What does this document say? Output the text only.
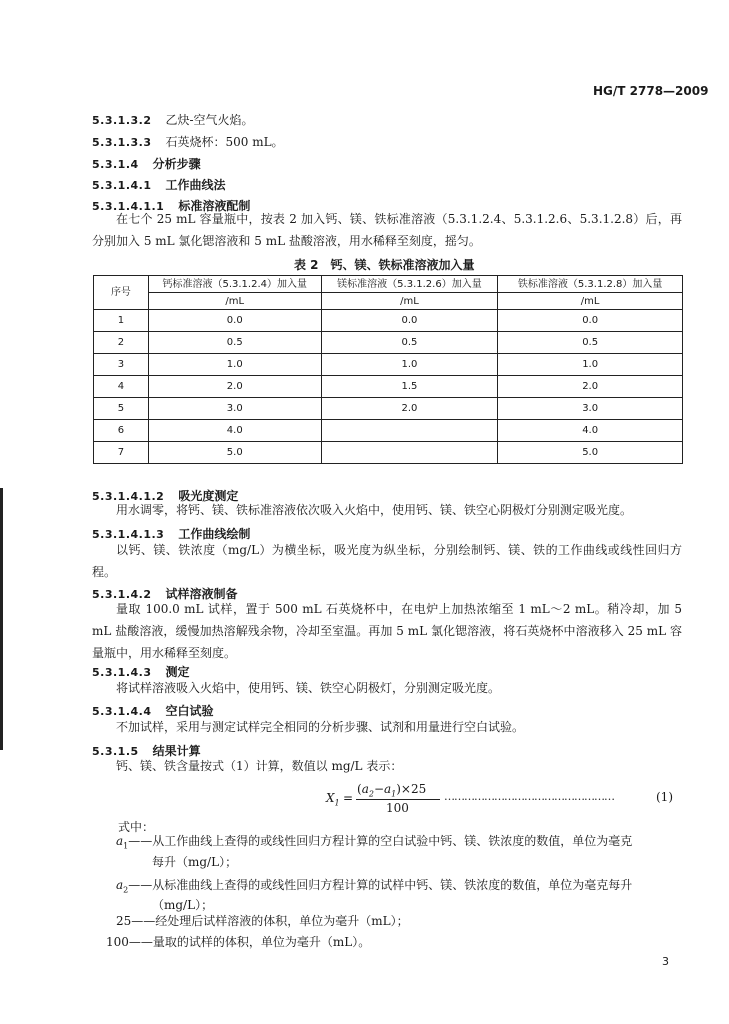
HG/T 2778—2009
5.3.1.3.2 乙炔-空气火焰。
5.3.1.3.3 石英烧杯：500 mL。
5.3.1.4 分析步骤
5.3.1.4.1 工作曲线法
5.3.1.4.1.1 标准溶液配制
在七个 25 mL 容量瓶中，按表 2 加入钙、镁、铁标准溶液（5.3.1.2.4、5.3.1.2.6、5.3.1.2.8）后，再分别加入 5 mL 氯化锶溶液和 5 mL 盐酸溶液，用水稀释至刻度，摇匀。
表 2　钙、镁、铁标准溶液加入量
序号	钙标准溶液（5.3.1.2.4）加入量	镁标准溶液（5.3.1.2.6）加入量	铁标准溶液（5.3.1.2.8）加入量
	/mL	/mL	/mL
1	0.0	0.0	0.0
2	0.5	0.5	0.5
3	1.0	1.0	1.0
4	2.0	1.5	2.0
5	3.0	2.0	3.0
6	4.0		4.0
7	5.0		5.0
5.3.1.4.1.2 吸光度测定
用水调零，将钙、镁、铁标准溶液依次吸入火焰中，使用钙、镁、铁空心阴极灯分别测定吸光度。
5.3.1.4.1.3 工作曲线绘制
以钙、镁、铁浓度（mg/L）为横坐标，吸光度为纵坐标，分别绘制钙、镁、铁的工作曲线或线性回归方程。
5.3.1.4.2 试样溶液制备
量取 100.0 mL 试样，置于 500 mL 石英烧杯中，在电炉上加热浓缩至 1 mL～2 mL。稍冷却，加 5 mL 盐酸溶液，缓慢加热溶解残余物，冷却至室温。再加 5 mL 氯化锶溶液，将石英烧杯中溶液移入 25 mL 容量瓶中，用水稀释至刻度。
5.3.1.4.3 测定
将试样溶液吸入火焰中，使用钙、镁、铁空心阴极灯，分别测定吸光度。
5.3.1.4.4 空白试验
不加试样，采用与测定试样完全相同的分析步骤、试剂和用量进行空白试验。
5.3.1.5 结果计算
钙、镁、铁含量按式（1）计算，数值以 mg/L 表示：
$X_1$ =
$(a_2-a_1)\times 25$
100
……………………………………………	(1)
式中：
$a_1——$从工作曲线上查得的或线性回归方程计算的空白试验中钙、镁、铁浓度的数值，单位为毫克
每升（mg/L）；
$a_2——$从标准曲线上查得的或线性回归方程计算的试样中钙、镁、铁浓度的数值，单位为毫克每升
（mg/L）；
25——经处理后试样溶液的体积，单位为毫升（mL）；
100——量取的试样的体积，单位为毫升（mL）。
3
